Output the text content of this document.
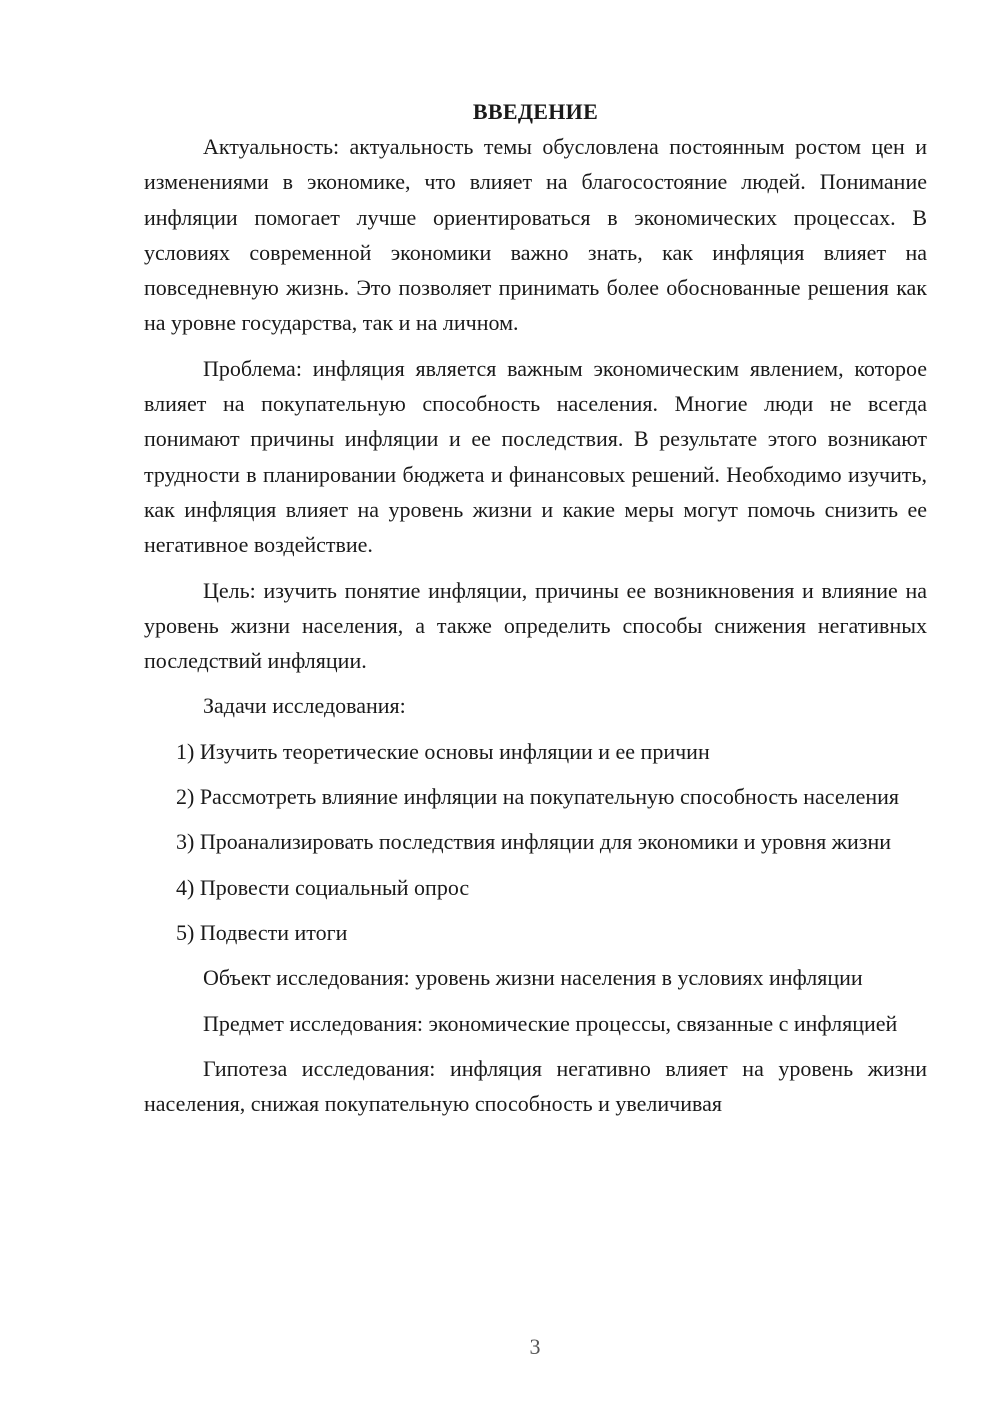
ВВЕДЕНИЕ

Актуальность: актуальность темы обусловлена постоянным ростом цен и изменениями в экономике, что влияет на благосостояние людей. Понимание инфляции помогает лучше ориентироваться в экономических процессах. В условиях современной экономики важно знать, как инфляция влияет на повседневную жизнь. Это позволяет принимать более обоснованные решения как на уровне государства, так и на личном.

Проблема: инфляция является важным экономическим явлением, которое влияет на покупательную способность населения. Многие люди не всегда понимают причины инфляции и ее последствия. В результате этого возникают трудности в планировании бюджета и финансовых решений. Необходимо изучить, как инфляция влияет на уровень жизни и какие меры могут помочь снизить ее негативное воздействие.

Цель: изучить понятие инфляции, причины ее возникновения и влияние на уровень жизни населения, а также определить способы снижения негативных последствий инфляции.

Задачи исследования:

1) Изучить теоретические основы инфляции и ее причин

2) Рассмотреть влияние инфляции на покупательную способность населения

3) Проанализировать последствия инфляции для экономики и уровня жизни

4) Провести социальный опрос

5) Подвести итоги

Объект исследования: уровень жизни населения в условиях инфляции

Предмет исследования: экономические процессы, связанные с инфляцией

Гипотеза исследования: инфляция негативно влияет на уровень жизни населения, снижая покупательную способность и увеличивая

3
